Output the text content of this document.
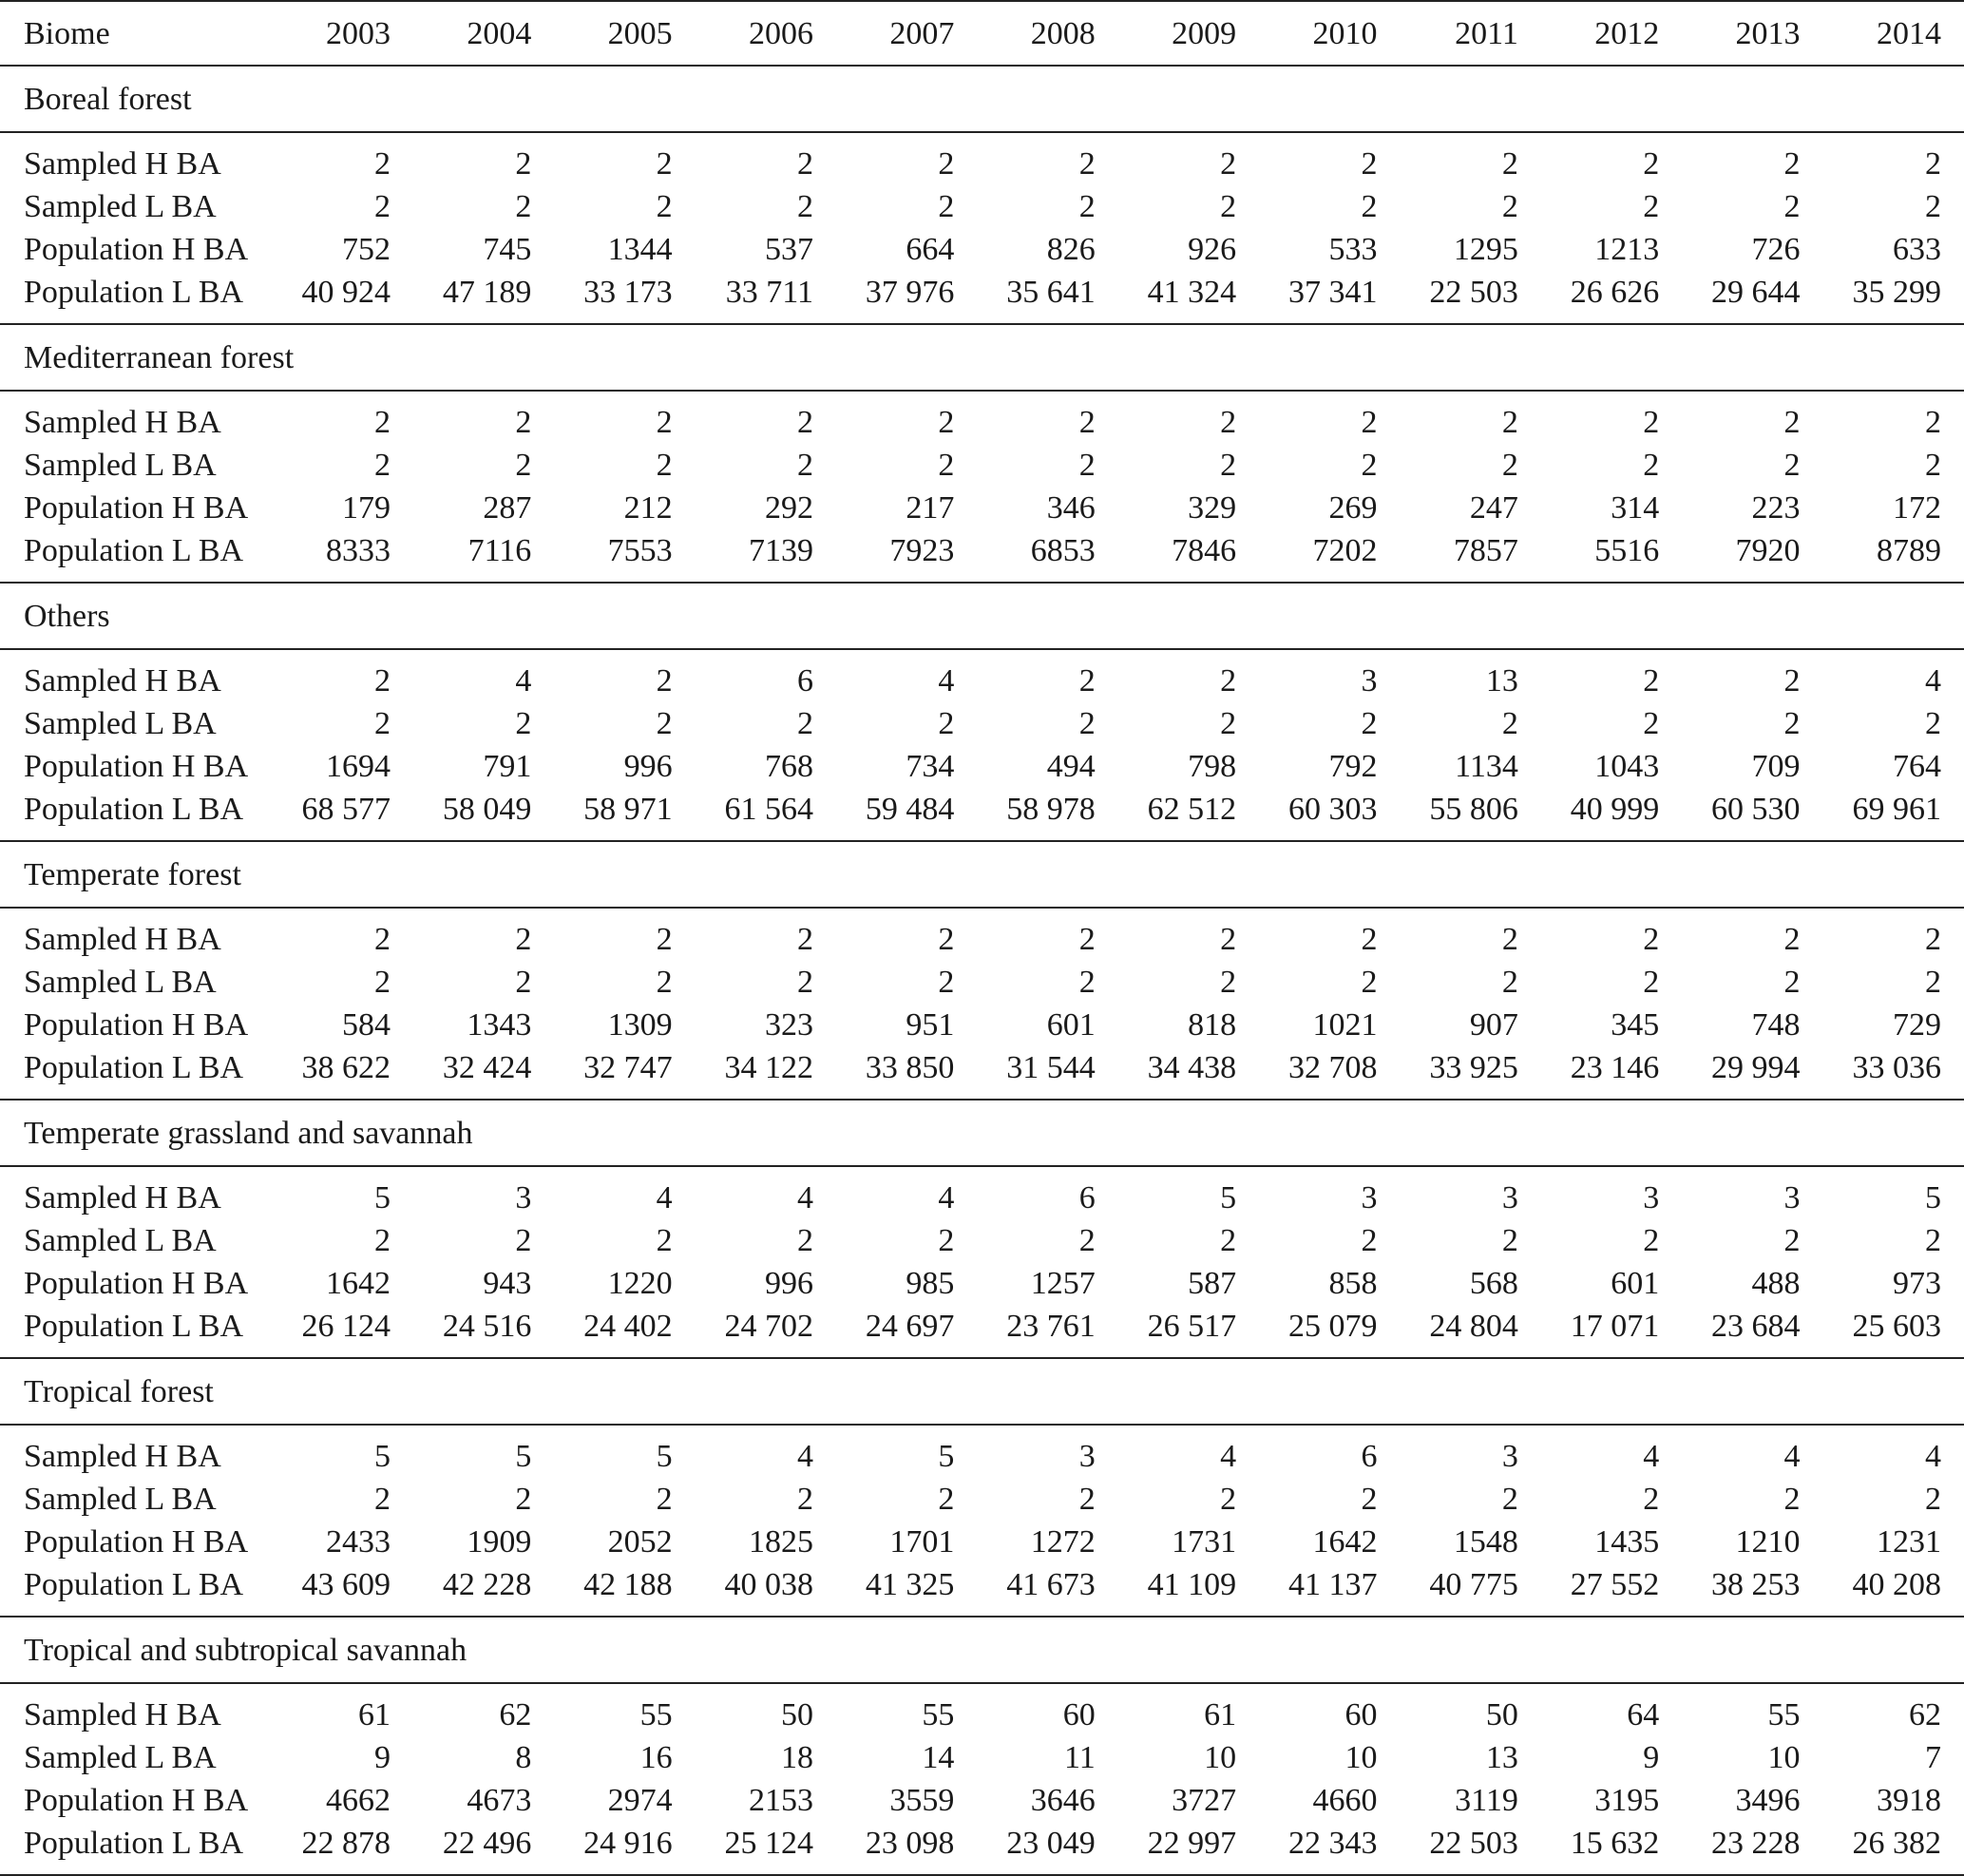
Biome	2003	2004	2005	2006	2007	2008	2009	2010	2011	2012	2013	2014
Boreal forest												
Sampled H BA	2	2	2	2	2	2	2	2	2	2	2	2
Sampled L BA	2	2	2	2	2	2	2	2	2	2	2	2
Population H BA	752	745	1344	537	664	826	926	533	1295	1213	726	633
Population L BA	40 924	47 189	33 173	33 711	37 976	35 641	41 324	37 341	22 503	26 626	29 644	35 299
Mediterranean forest												
Sampled H BA	2	2	2	2	2	2	2	2	2	2	2	2
Sampled L BA	2	2	2	2	2	2	2	2	2	2	2	2
Population H BA	179	287	212	292	217	346	329	269	247	314	223	172
Population L BA	8333	7116	7553	7139	7923	6853	7846	7202	7857	5516	7920	8789
Others												
Sampled H BA	2	4	2	6	4	2	2	3	13	2	2	4
Sampled L BA	2	2	2	2	2	2	2	2	2	2	2	2
Population H BA	1694	791	996	768	734	494	798	792	1134	1043	709	764
Population L BA	68 577	58 049	58 971	61 564	59 484	58 978	62 512	60 303	55 806	40 999	60 530	69 961
Temperate forest												
Sampled H BA	2	2	2	2	2	2	2	2	2	2	2	2
Sampled L BA	2	2	2	2	2	2	2	2	2	2	2	2
Population H BA	584	1343	1309	323	951	601	818	1021	907	345	748	729
Population L BA	38 622	32 424	32 747	34 122	33 850	31 544	34 438	32 708	33 925	23 146	29 994	33 036
Temperate grassland and savannah												
Sampled H BA	5	3	4	4	4	6	5	3	3	3	3	5
Sampled L BA	2	2	2	2	2	2	2	2	2	2	2	2
Population H BA	1642	943	1220	996	985	1257	587	858	568	601	488	973
Population L BA	26 124	24 516	24 402	24 702	24 697	23 761	26 517	25 079	24 804	17 071	23 684	25 603
Tropical forest												
Sampled H BA	5	5	5	4	5	3	4	6	3	4	4	4
Sampled L BA	2	2	2	2	2	2	2	2	2	2	2	2
Population H BA	2433	1909	2052	1825	1701	1272	1731	1642	1548	1435	1210	1231
Population L BA	43 609	42 228	42 188	40 038	41 325	41 673	41 109	41 137	40 775	27 552	38 253	40 208
Tropical and subtropical savannah												
Sampled H BA	61	62	55	50	55	60	61	60	50	64	55	62
Sampled L BA	9	8	16	18	14	11	10	10	13	9	10	7
Population H BA	4662	4673	2974	2153	3559	3646	3727	4660	3119	3195	3496	3918
Population L BA	22 878	22 496	24 916	25 124	23 098	23 049	22 997	22 343	22 503	15 632	23 228	26 382
